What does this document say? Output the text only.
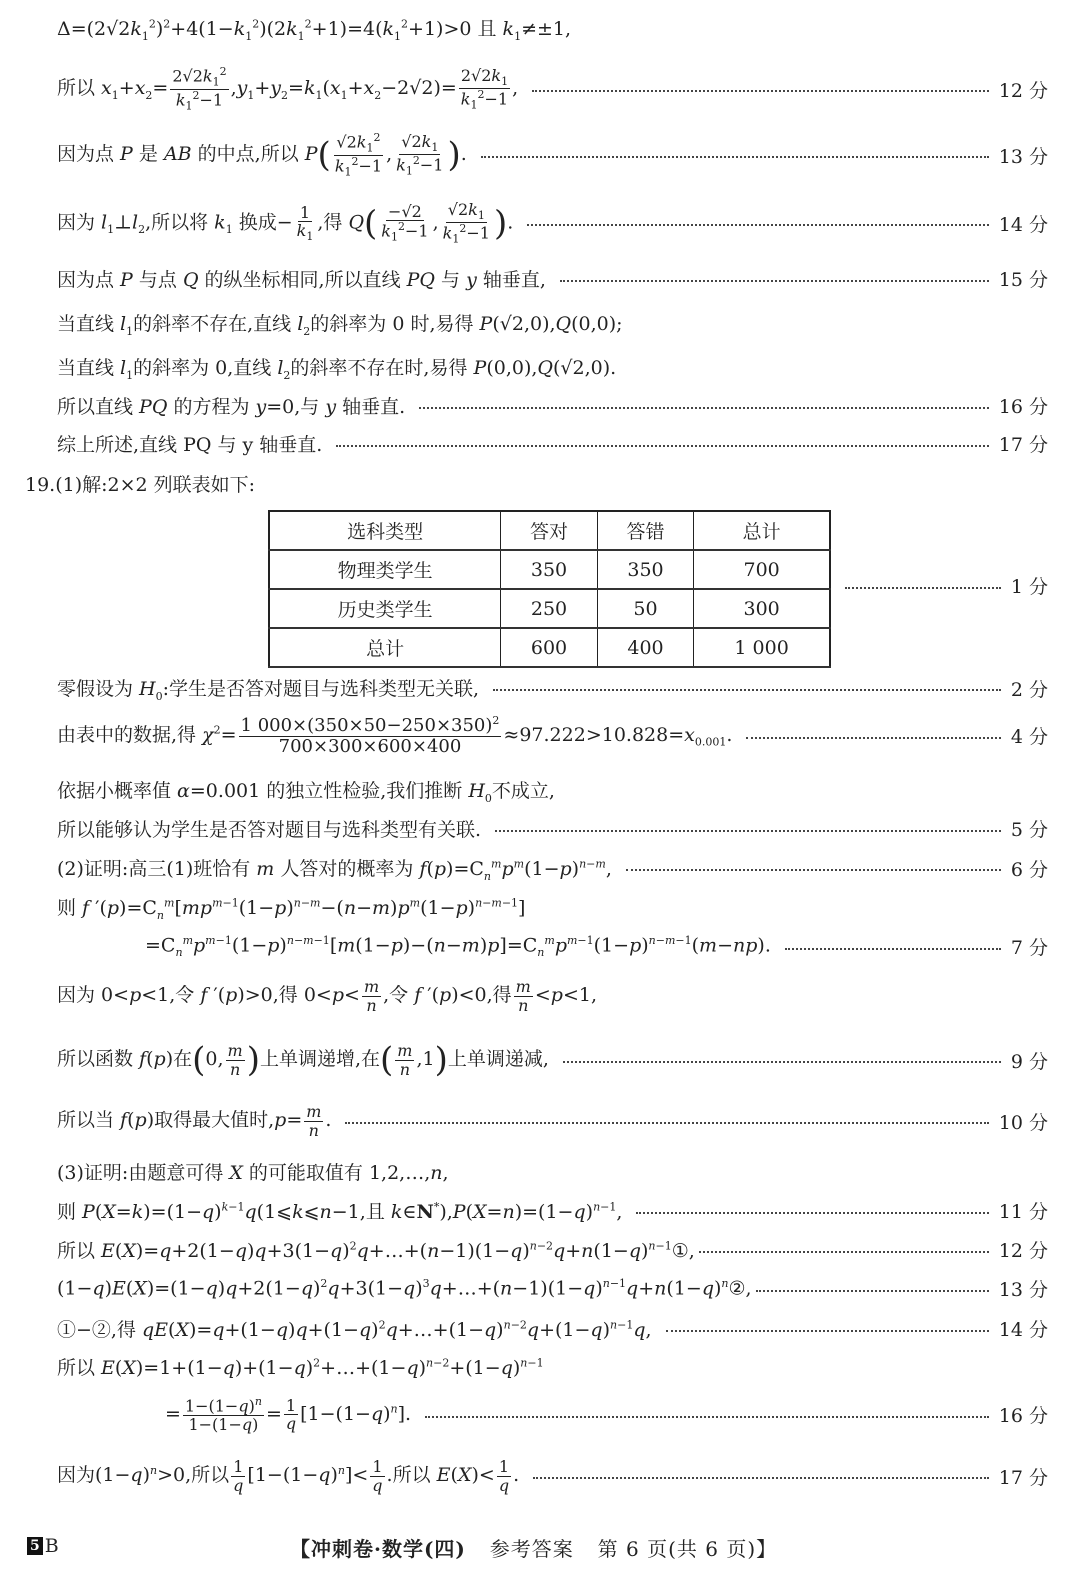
$\Delta=(2√2k_1^2)^2+4(1-k_1^2)(2k_1^2+1)=4(k_1^2+1)>0$ 且 $k_1\ne\pm 1$,
所以 $x_1+x_2= \frac{2√2k_1^2}{k_1^2-1} ,y_1+y_2=k_1(x_1+x_2-2√2)= \frac{2√2k_1}{k_1^2-1}$ ,	12 分
因为点 P 是 AB 的中点,所以 $P( \frac{√2k_1^2}{k_1^2-1}$ , $\frac{√2k_1}{k_1^2-1}$ ).	13 分
因为 $l_1\perp l_2$,所以将 $k_1$ 换成− $\frac{1}{k_1}$ ,得 $Q( \frac{-√2}{k_1^2-1}$ , $\frac{√2k_1}{k_1^2-1}$ ).	14 分
因为点 P 与点 Q 的纵坐标相同,所以直线 PQ 与 y 轴垂直,	15 分
当直线 $l_1$的斜率不存在,直线 $l_2$的斜率为 0 时,易得 P(√2,0),Q(0,0);
当直线 $l_1$的斜率为 0,直线 $l_2$的斜率不存在时,易得 P(0,0),Q(√2,0).
所以直线 PQ 的方程为 y=0,与 y 轴垂直.	16 分
综上所述,直线 PQ 与 y 轴垂直.	17 分
19.(1)解:2×2 列联表如下:
选科类型	答对	答错	总计
物理类学生	350	350	700
历史类学生	250	50	300
总计	600	400	1 000
1 分
零假设为 $H_0$:学生是否答对题目与选科类型无关联,	2 分
由表中的数据,得 $\chi^2= \frac{1 000\times(350\times 50-250\times 350)^2}{700\times 300\times 600\times 400} \approx 97.222>10.828=x_{0.001}$.	4 分
依据小概率值 α=0.001 的独立性检验,我们推断 $H_0$不成立,
所以能够认为学生是否答对题目与选科类型有关联.	5 分
(2)证明:高三(1)班恰有 m 人答对的概率为 $f(p)=C_n^mp^m(1-p)^{n-m}$,	6 分
则 f $'(p)=C_n^m[mp^{m-1}(1-p)^{n-m}-(n-m)p^m(1-p)^{n-m-1}]$
$=C_n^mp^{m-1}(1-p)^{n-m-1}[m(1-p)-(n-m)p]=C_n^mp^{m-1}(1-p)^{n-m-1}(m-np)$.	7 分
因为 0<p<1,令 f ′(p)>0,得 $0<p< \frac{m}{n}$ ,令 f ′(p)<0,得 $\frac{m}{n} <p<1$,
所以函数 f(p)在(0, $\frac{m}{n}$ )上单调递增,在( $\frac{m}{n} ,1$)上单调递减,	9 分
所以当 f(p)取得最大值时$,p= \frac{m}{n}$ .	10 分
(3)证明:由题意可得 X 的可能取值有 1,2,…,n,
则 $P(X=k)=(1-q)^{k-1}q(1⩽k⩽n-1$,且 $k\in N^*),P(X=n)=(1-q)^{n-1}$,	11 分
所以 $E(X)=q+2(1-q)q+3(1-q)^2q+\dots+(n-1)(1-q)^{n-2}q+n(1-q)^{n-1}①$,	12 分
$(1-q)E(X)=(1-q)q+2(1-q)^2q+3(1-q)^3q+\dots+(n-1)(1-q)^{n-1}q+n(1-q)^n②$,	13 分
①−②,得 $qE(X)=q+(1-q)q+(1-q)^2q+\dots+(1-q)^{n-2}q+(1-q)^{n-1}q$,	14 分
所以 $E(X)=1+(1-q)+(1-q)^2+\dots+(1-q)^{n-2}+(1-q)^{n-1}$
= $\frac{1-(1-q)^n}{1-(1-q)} = \frac{1}{q} [1-(1-q)^n]$.	16 分
因为$(1-q)^n>0$,所以 $\frac{1}{q} [1-(1-q)^n]< \frac{1}{q}$ .所以 $E(X)< \frac{1}{q}$ .	17 分
5 B	【冲刺卷·数学(四) 参考答案 第 6 页(共 6 页)】
